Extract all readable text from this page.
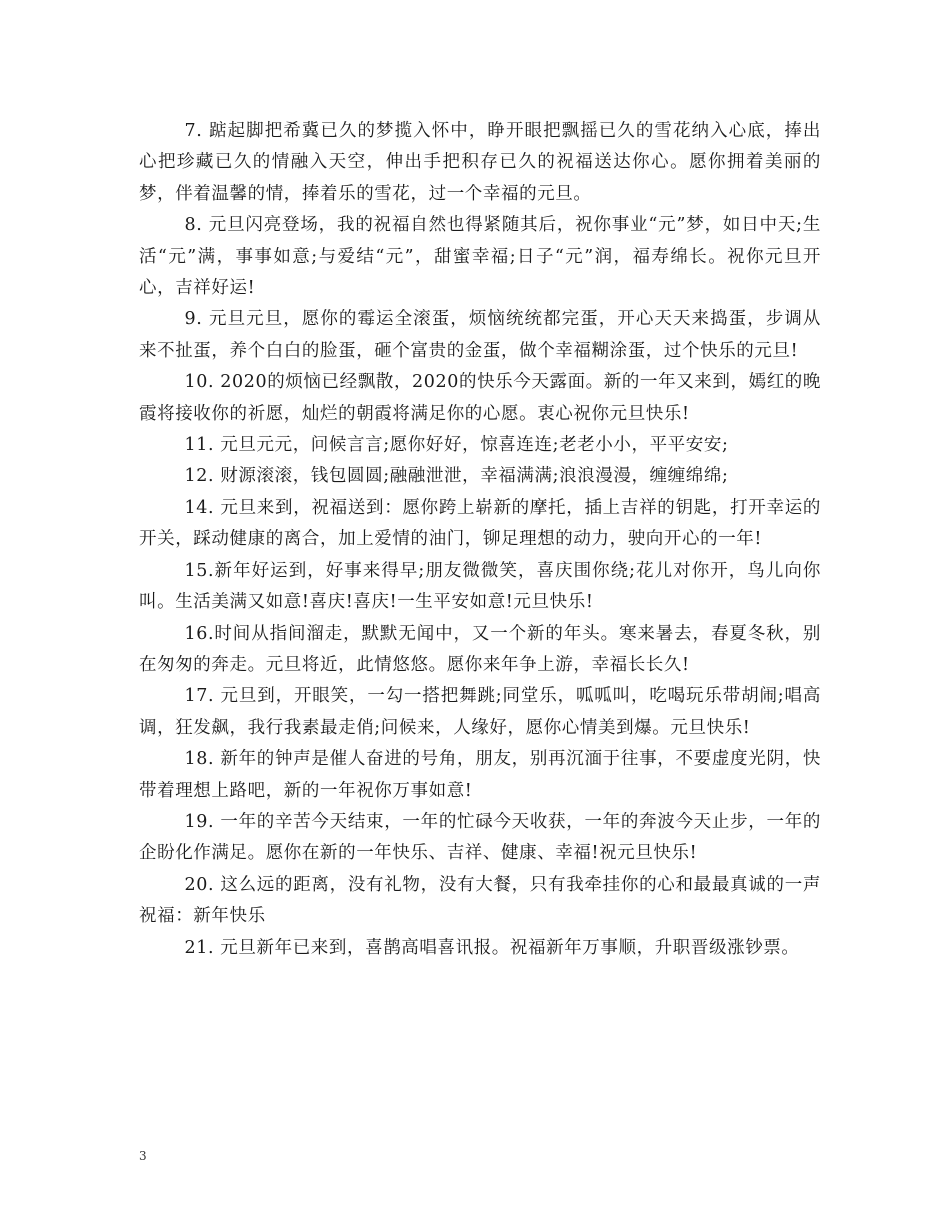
7. 踮起脚把希冀已久的梦揽入怀中，睁开眼把飘摇已久的雪花纳入心底，捧出心把珍藏已久的情融入天空，伸出手把积存已久的祝福送达你心。愿你拥着美丽的梦，伴着温馨的情，捧着乐的雪花，过一个幸福的元旦。

8. 元旦闪亮登场，我的祝福自然也得紧随其后，祝你事业“元”梦，如日中天;生活“元”满，事事如意;与爱结“元”，甜蜜幸福;日子“元”润，福寿绵长。祝你元旦开心，吉祥好运!

9. 元旦元旦，愿你的霉运全滚蛋，烦恼统统都完蛋，开心天天来捣蛋，步调从来不扯蛋，养个白白的脸蛋，砸个富贵的金蛋，做个幸福糊涂蛋，过个快乐的元旦!

10. 2020的烦恼已经飘散，2020的快乐今天露面。新的一年又来到，嫣红的晚霞将接收你的祈愿，灿烂的朝霞将满足你的心愿。衷心祝你元旦快乐!

11. 元旦元元，问候言言;愿你好好，惊喜连连;老老小小，平平安安;

12. 财源滚滚，钱包圆圆;融融泄泄，幸福满满;浪浪漫漫，缠缠绵绵;

14. 元旦来到，祝福送到：愿你跨上崭新的摩托，插上吉祥的钥匙，打开幸运的开关，踩动健康的离合，加上爱情的油门，铆足理想的动力，驶向开心的一年!

15.新年好运到，好事来得早;朋友微微笑，喜庆围你绕;花儿对你开，鸟儿向你叫。生活美满又如意!喜庆!喜庆!一生平安如意!元旦快乐!

16.时间从指间溜走，默默无闻中，又一个新的年头。寒来暑去，春夏冬秋，别在匆匆的奔走。元旦将近，此情悠悠。愿你来年争上游，幸福长长久!

17. 元旦到，开眼笑，一勾一搭把舞跳;同堂乐，呱呱叫，吃喝玩乐带胡闹;唱高调，狂发飙，我行我素最走俏;问候来，人缘好，愿你心情美到爆。元旦快乐!

18. 新年的钟声是催人奋进的号角，朋友，别再沉湎于往事，不要虚度光阴，快带着理想上路吧，新的一年祝你万事如意!

19. 一年的辛苦今天结束，一年的忙碌今天收获，一年的奔波今天止步，一年的企盼化作满足。愿你在新的一年快乐、吉祥、健康、幸福!祝元旦快乐!

20. 这么远的距离，没有礼物，没有大餐，只有我牵挂你的心和最最真诚的一声祝福：新年快乐

21. 元旦新年已来到，喜鹊高唱喜讯报。祝福新年万事顺，升职晋级涨钞票。

3
